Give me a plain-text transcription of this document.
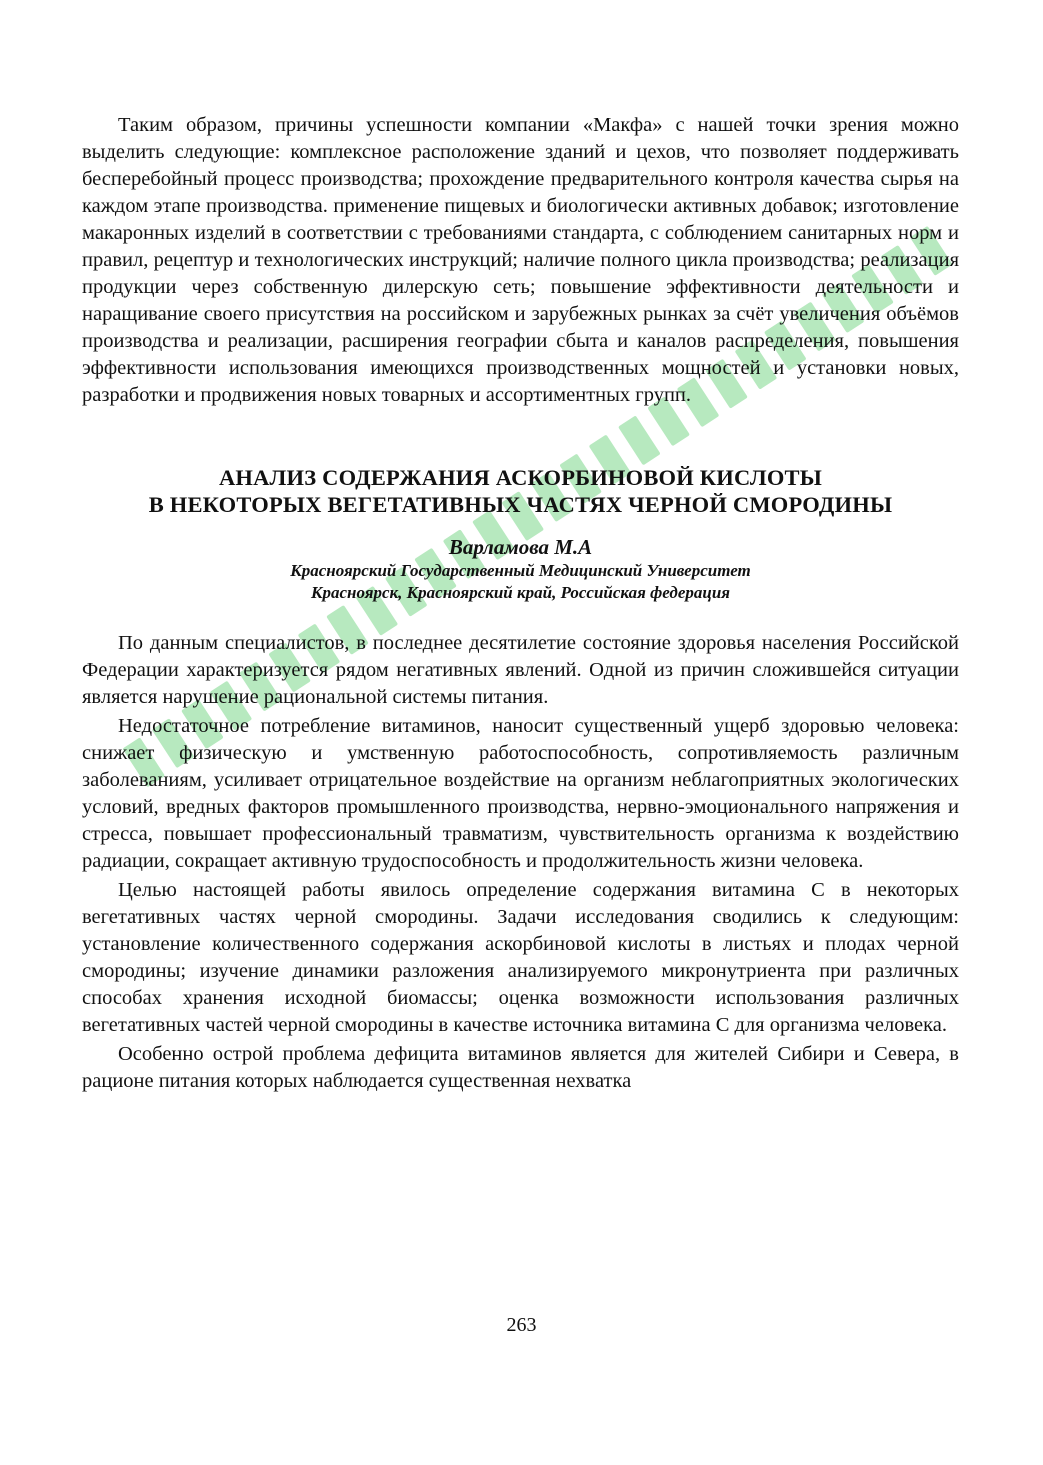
Таким образом, причины успешности компании «Макфа» с нашей точки зрения можно выделить следующие: комплексное расположение зданий и цехов, что позволяет поддерживать бесперебойный процесс производства; прохождение предварительного контроля качества сырья на каждом этапе производства. применение пищевых и биологически активных добавок; изготовление макаронных изделий в соответствии с требованиями стандарта, с соблюдением санитарных норм и правил, рецептур и технологических инструкций; наличие полного цикла производства; реализация продукции через собственную дилерскую сеть; повышение эффективности деятельности и наращивание своего присутствия на российском и зарубежных рынках за счёт увеличения объёмов производства и реализации, расширения географии сбыта и каналов распределения, повышения эффективности использования имеющихся производственных мощностей и установки новых, разработки и продвижения новых товарных и ассортиментных групп.

АНАЛИЗ СОДЕРЖАНИЯ АСКОРБИНОВОЙ КИСЛОТЫ

В НЕКОТОРЫХ ВЕГЕТАТИВНЫХ ЧАСТЯХ ЧЕРНОЙ СМОРОДИНЫ

Варламова М.А

Красноярский Государственный Медицинский Университет

Красноярск, Красноярский край, Российская федерация

По данным специалистов, в последнее десятилетие состояние здоровья населения Российской Федерации характеризуется рядом негативных явлений. Одной из причин сложившейся ситуации является нарушение рациональной системы питания.

Недостаточное потребление витаминов, наносит существенный ущерб здоровью человека: снижает физическую и умственную работоспособность, сопротивляемость различным заболеваниям, усиливает отрицательное воздействие на организм неблагоприятных экологических условий, вредных факторов промышленного производства, нервно-эмоционального напряжения и стресса, повышает профессиональный травматизм, чувствительность организма к воздействию радиации, сокращает активную трудоспособность и продолжительность жизни человека.

Целью настоящей работы явилось определение содержания витамина С в некоторых вегетативных частях черной смородины. Задачи исследования сводились к следующим: установление количественного содержания аскорбиновой кислоты в листьях и плодах черной смородины; изучение динамики разложения анализируемого микронутриента при различных способах хранения исходной биомассы; оценка возможности использования различных вегетативных частей черной смородины в качестве источника витамина С для организма человека.

Особенно острой проблема дефицита витаминов является для жителей Сибири и Севера, в рационе питания которых наблюдается существенная нехватка

263
